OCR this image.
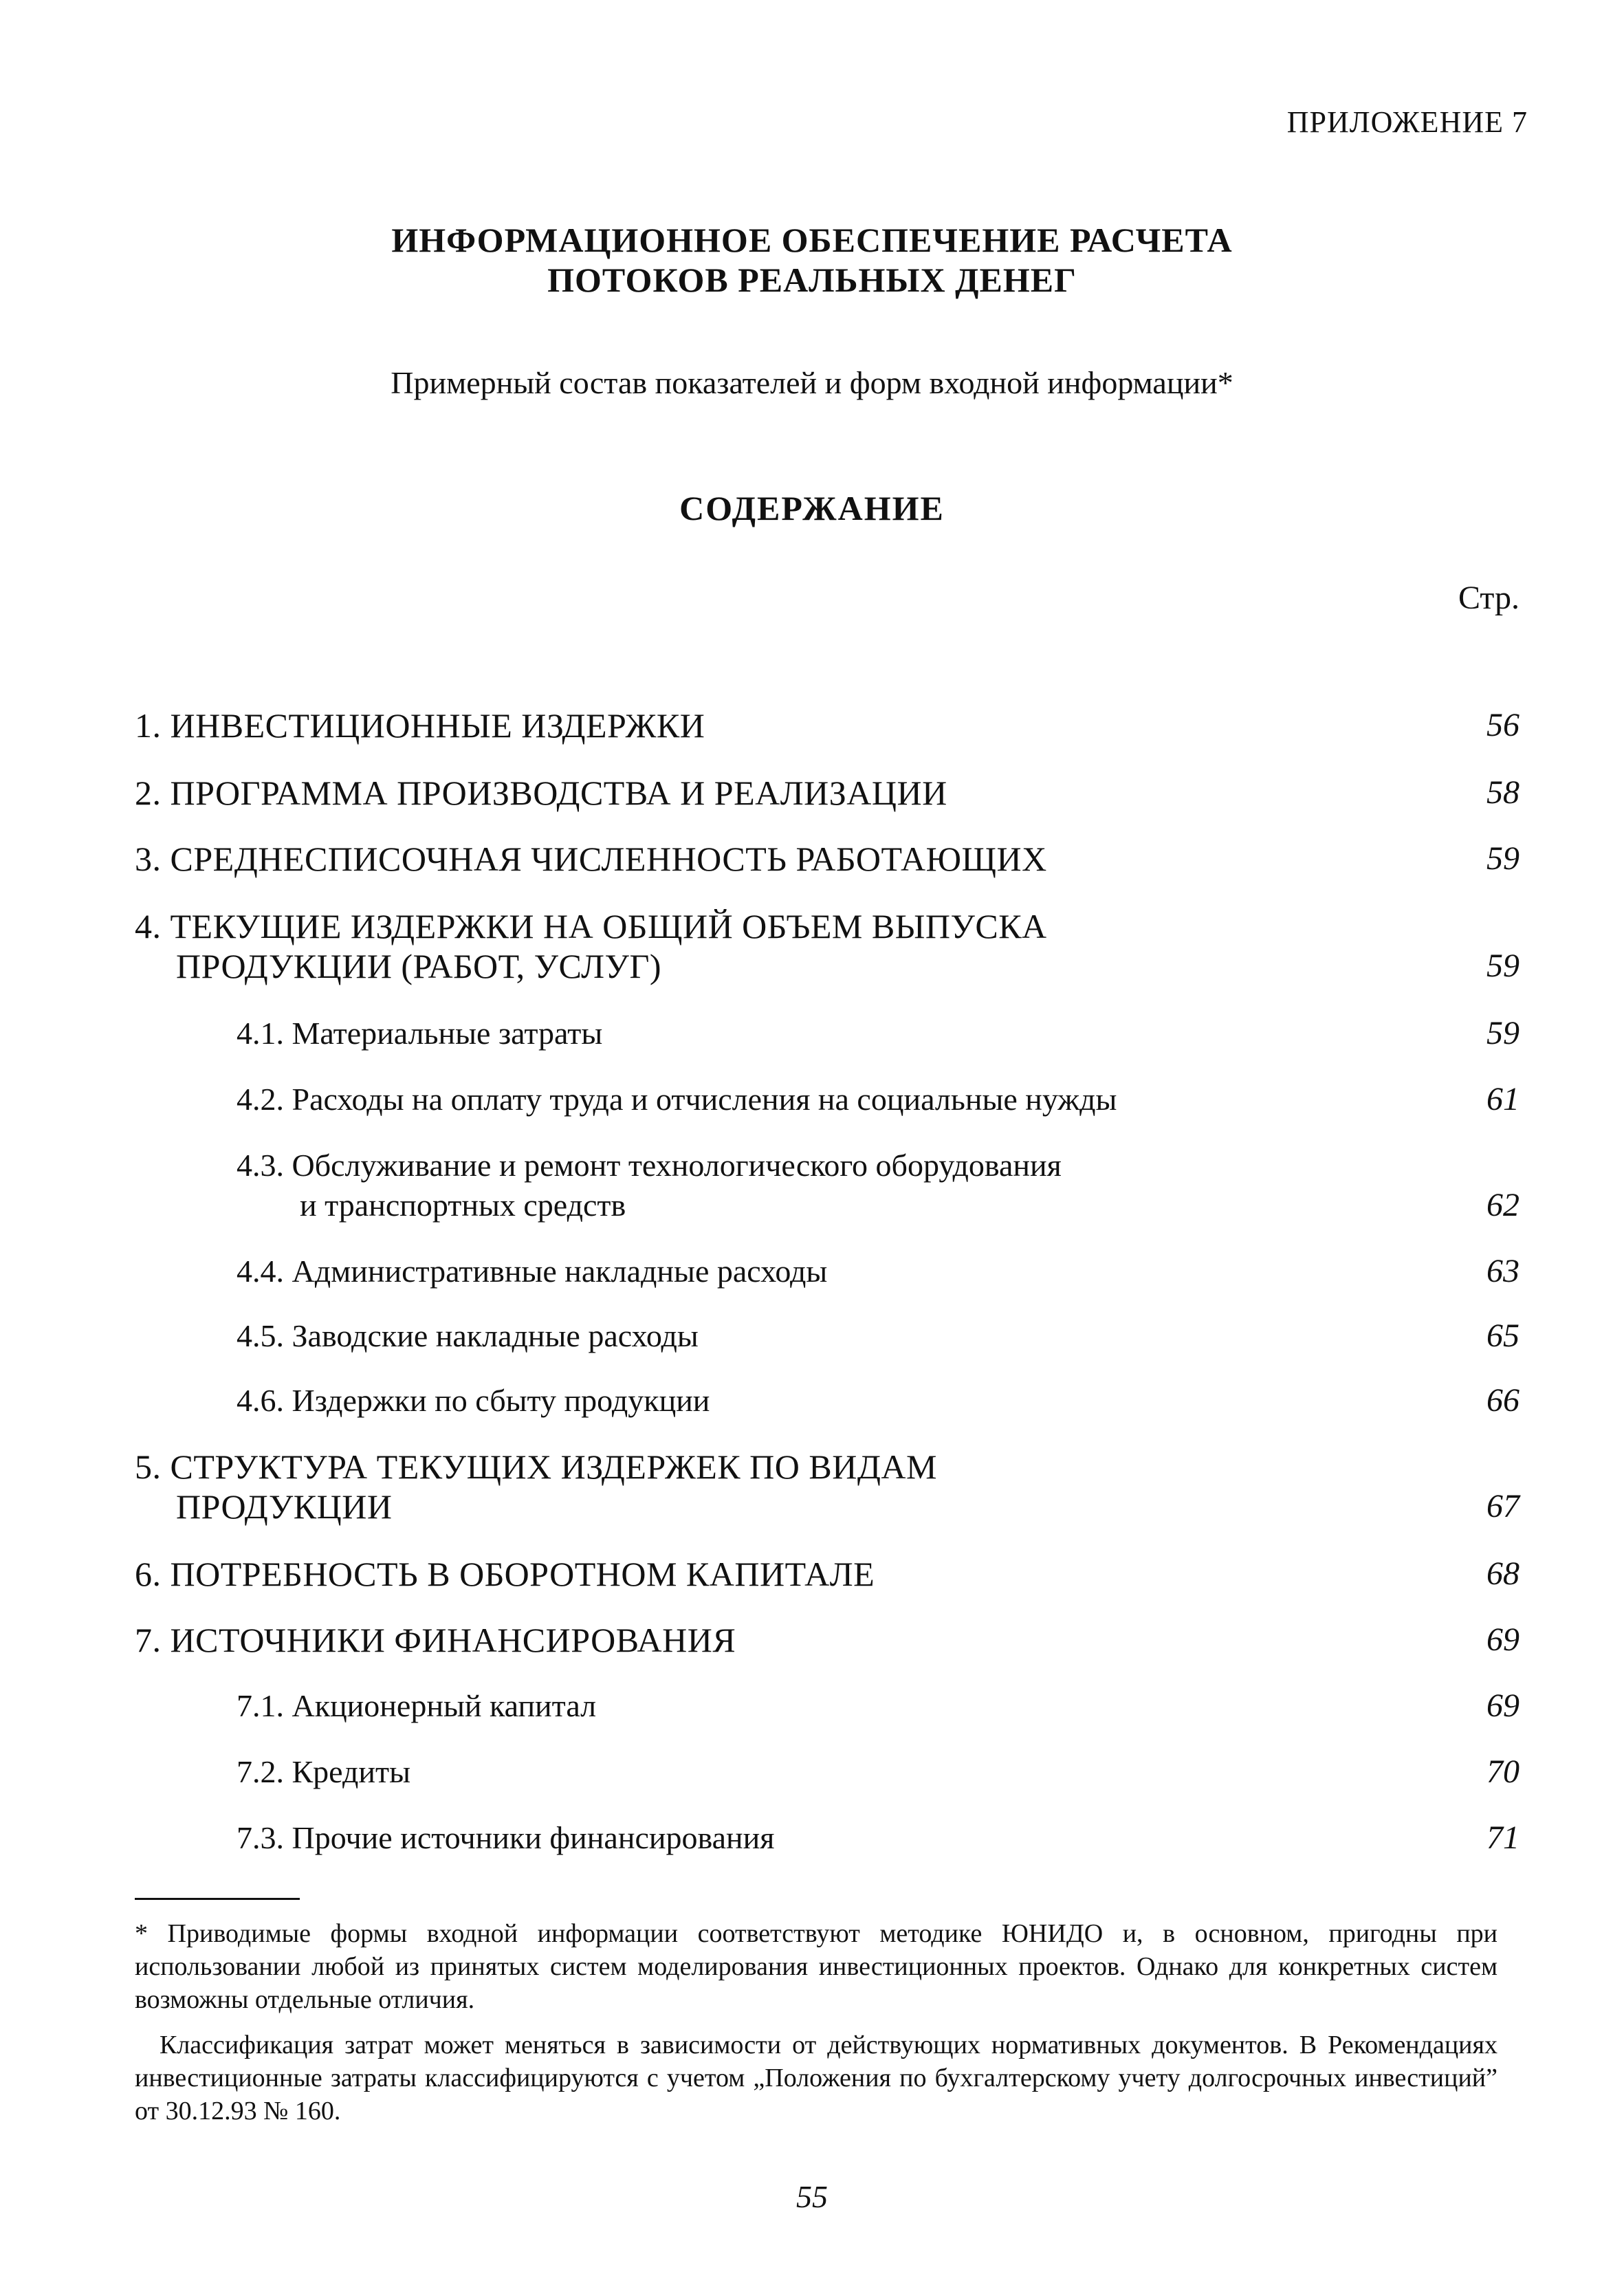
ПРИЛОЖЕНИЕ 7
ИНФОРМАЦИОННОЕ ОБЕСПЕЧЕНИЕ РАСЧЕТА
ПОТОКОВ РЕАЛЬНЫХ ДЕНЕГ
Примерный состав показателей и форм входной информации*
СОДЕРЖАНИЕ
Стр.
1. ИНВЕСТИЦИОННЫЕ ИЗДЕРЖКИ	56
2. ПРОГРАММА ПРОИЗВОДСТВА И РЕАЛИЗАЦИИ	58
3. СРЕДНЕСПИСОЧНАЯ ЧИСЛЕННОСТЬ РАБОТАЮЩИХ	59
4. ТЕКУЩИЕ ИЗДЕРЖКИ НА ОБЩИЙ ОБЪЕМ ВЫПУСКА
ПРОДУКЦИИ (РАБОТ, УСЛУГ)	59
4.1. Материальные затраты	59
4.2. Расходы на оплату труда и отчисления на социальные нужды	61
4.3. Обслуживание и ремонт технологического оборудования
и транспортных средств	62
4.4. Административные накладные расходы	63
4.5. Заводские накладные расходы	65
4.6. Издержки по сбыту продукции	66
5. СТРУКТУРА ТЕКУЩИХ ИЗДЕРЖЕК ПО ВИДАМ
ПРОДУКЦИИ	67
6. ПОТРЕБНОСТЬ В ОБОРОТНОМ КАПИТАЛЕ	68
7. ИСТОЧНИКИ ФИНАНСИРОВАНИЯ	69
7.1. Акционерный капитал	69
7.2. Кредиты	70
7.3. Прочие источники финансирования	71

* Приводимые формы входной информации соответствуют методике ЮНИДО и, в основном, пригодны при использовании любой из принятых систем моделирования инвестиционных проектов. Однако для конкретных систем возможны отдельные отличия.

Классификация затрат может меняться в зависимости от действующих нормативных документов. В Рекомендациях инвестиционные затраты классифицируются с учетом „Положения по бухгалтерскому учету долгосрочных инвестиций” от 30.12.93 № 160.

55
